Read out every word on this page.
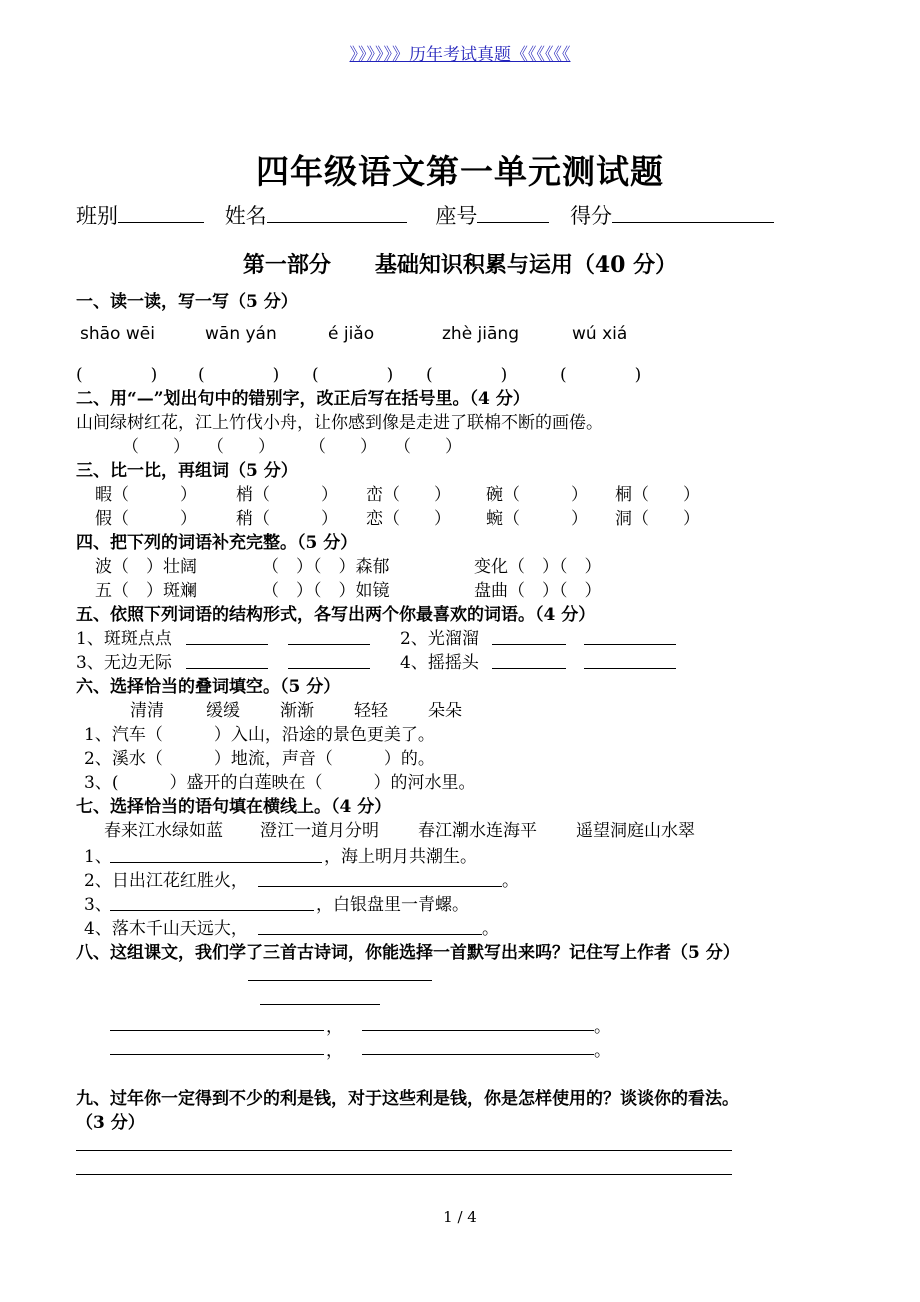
》》》》》》历年考试真题《《《《《《
四年级语文第一单元测试题
班别	姓名	座号	得分
第一部分　　基础知识积累与运用（40 分）
一、读一读，写一写（5 分）
shāo wēi	wān yán	é jiǎo	zhè jiāng	wú xiá
(　　　　) (　　　　) (　　　　) (　　　　)	(　　　　)
二、用“—”划出句中的错别字，改正后写在括号里。（4 分）
山间绿树红花，江上竹伐小舟，让你感到像是走进了联棉不断的画倦。
（　　）　　（　　）　　　（　　）　　（　　）
三、比一比，再组词（5 分）
暇（　　　） 梢（　　　） 峦（　　） 碗（　　　） 桐（　　）
假（　　　） 稍（　　　） 恋（　　） 蜿（　　　） 洞（　　）
四、把下列的词语补充完整。（5 分）
波（　）壮阔	（　）（　）森郁	变化（　）（　）
五（　）斑斓	（　）（　）如镜	盘曲（　）（　）
五、依照下列词语的结构形式，各写出两个你最喜欢的词语。（4 分）
1、斑斑点点	2、光溜溜
3、无边无际	4、摇摇头
六、选择恰当的叠词填空。（5 分）
清清 缓缓 渐渐 轻轻 朵朵
1、汽车（　　　）入山，沿途的景色更美了。
2、溪水（　　　）地流，声音（　　　）的。
3、(　　　）盛开的白莲映在（　　　）的河水里。
七、选择恰当的语句填在横线上。（4 分）
春来江水绿如蓝 澄江一道月分明 春江潮水连海平 遥望洞庭山水翠
1、	，海上明月共潮生。
2、日出江花红胜火，	。
3、	，白银盘里一青螺。
4、落木千山天远大，	。
八、这组课文，我们学了三首古诗词，你能选择一首默写出来吗？记住写上作者（5 分）
，	。
，	。
九、过年你一定得到不少的利是钱，对于这些利是钱，你是怎样使用的？谈谈你的看法。
（3 分）
1 / 4
